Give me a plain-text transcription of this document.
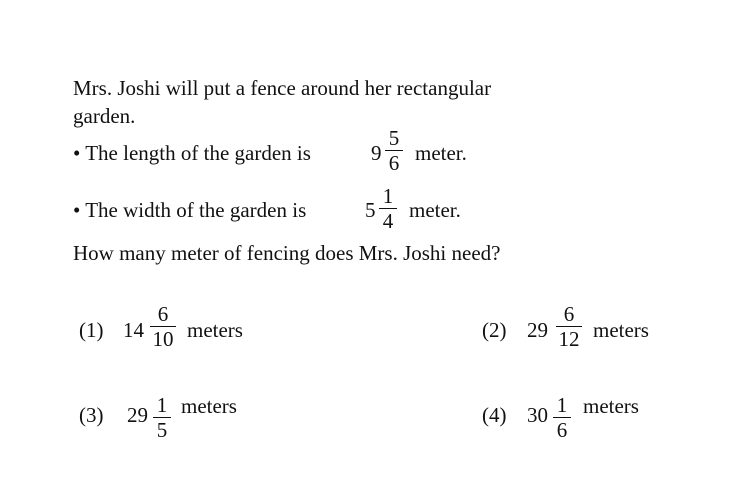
Mrs. Joshi will put a fence around her rectangular
garden.
• The length of the garden is	9
5
6 meter.
• The width of the garden is	5
1
4 meter.
How many meter of fencing does Mrs. Joshi need?
(1) 14
6
10 meters	(2) 29
6
12 meters
(3) 29 1
5
meters	(4) 30 1
6
meters
